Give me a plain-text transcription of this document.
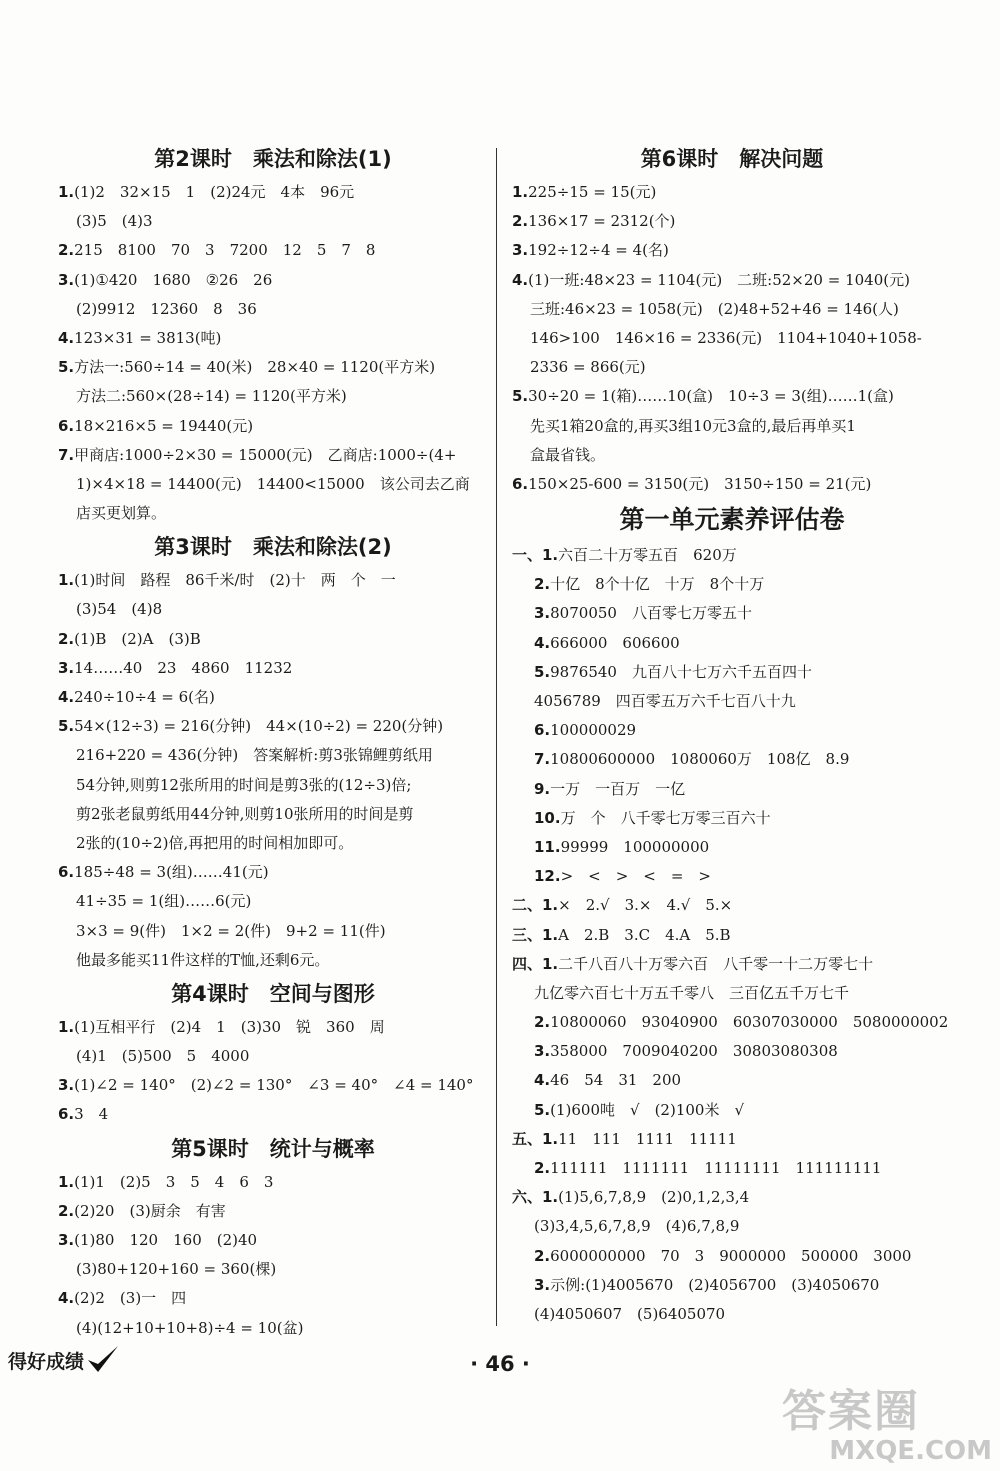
第2课时　乘法和除法(1)
1.(1)2　32×15　1　(2)24元　4本　96元
(3)5　(4)3
2.215　8100　70　3　7200　12　5　7　8
3.(1)①420　1680　②26　26
(2)9912　12360　8　36
4.123×31 = 3813(吨)
5.方法一:560÷14 = 40(米)　28×40 = 1120(平方米)
方法二:560×(28÷14) = 1120(平方米)
6.18×216×5 = 19440(元)
7.甲商店:1000÷2×30 = 15000(元)　乙商店:1000÷(4+
1)×4×18 = 14400(元)　14400<15000　该公司去乙商
店买更划算。
第3课时　乘法和除法(2)
1.(1)时间　路程　86千米/时　(2)十　两　个　一
(3)54　(4)8
2.(1)B　(2)A　(3)B
3.14……40　23　4860　11232
4.240÷10÷4 = 6(名)
5.54×(12÷3) = 216(分钟)　44×(10÷2) = 220(分钟)
216+220 = 436(分钟)　答案解析:剪3张锦鲤剪纸用
54分钟,则剪12张所用的时间是剪3张的(12÷3)倍;
剪2张老鼠剪纸用44分钟,则剪10张所用的时间是剪
2张的(10÷2)倍,再把用的时间相加即可。
6.185÷48 = 3(组)……41(元)
41÷35 = 1(组)……6(元)
3×3 = 9(件)　1×2 = 2(件)　9+2 = 11(件)
他最多能买11件这样的T恤,还剩6元。
第4课时　空间与图形
1.(1)互相平行　(2)4　1　(3)30　锐　360　周
(4)1　(5)500　5　4000
3.(1)∠2 = 140°　(2)∠2 = 130°　∠3 = 40°　∠4 = 140°
6.3　4
第5课时　统计与概率
1.(1)1　(2)5　3　5　4　6　3
2.(2)20　(3)厨余　有害
3.(1)80　120　160　(2)40
(3)80+120+160 = 360(棵)
4.(2)2　(3)一　四
(4)(12+10+10+8)÷4 = 10(盆)
第6课时　解决问题
1.225÷15 = 15(元)
2.136×17 = 2312(个)
3.192÷12÷4 = 4(名)
4.(1)一班:48×23 = 1104(元)　二班:52×20 = 1040(元)
三班:46×23 = 1058(元)　(2)48+52+46 = 146(人)
146>100　146×16 = 2336(元)　1104+1040+1058-
2336 = 866(元)
5.30÷20 = 1(箱)……10(盒)　10÷3 = 3(组)……1(盒)
先买1箱20盒的,再买3组10元3盒的,最后再单买1
盒最省钱。
6.150×25-600 = 3150(元)　3150÷150 = 21(元)
第一单元素养评估卷
一、1.六百二十万零五百　620万
2.十亿　8个十亿　十万　8个十万
3.8070050　八百零七万零五十
4.666000　606600
5.9876540　九百八十七万六千五百四十
4056789　四百零五万六千七百八十九
6.100000029
7.10800600000　1080060万　108亿　8.9
9.一万　一百万　一亿
10.万　个　八千零七万零三百六十
11.99999　100000000
12.>　<　>　<　=　>
二、1.×　2.√　3.×　4.√　5.×
三、1.A　2.B　3.C　4.A　5.B
四、1.二千八百八十万零六百　八千零一十二万零七十
九亿零六百七十万五千零八　三百亿五千万七千
2.10800060　93040900　60307030000　5080000002
3.358000　7009040200　30803080308
4.46　54　31　200
5.(1)600吨　√　(2)100米　√
五、1.11　111　1111　11111
2.111111　1111111　11111111　111111111
六、1.(1)5,6,7,8,9　(2)0,1,2,3,4
(3)3,4,5,6,7,8,9　(4)6,7,8,9
2.6000000000　70　3　9000000　500000　3000
3.示例:(1)4005670　(2)4056700　(3)4050670
(4)4050607　(5)6405070
得好成绩	· 46 ·
答案圈
MXQE.COM
